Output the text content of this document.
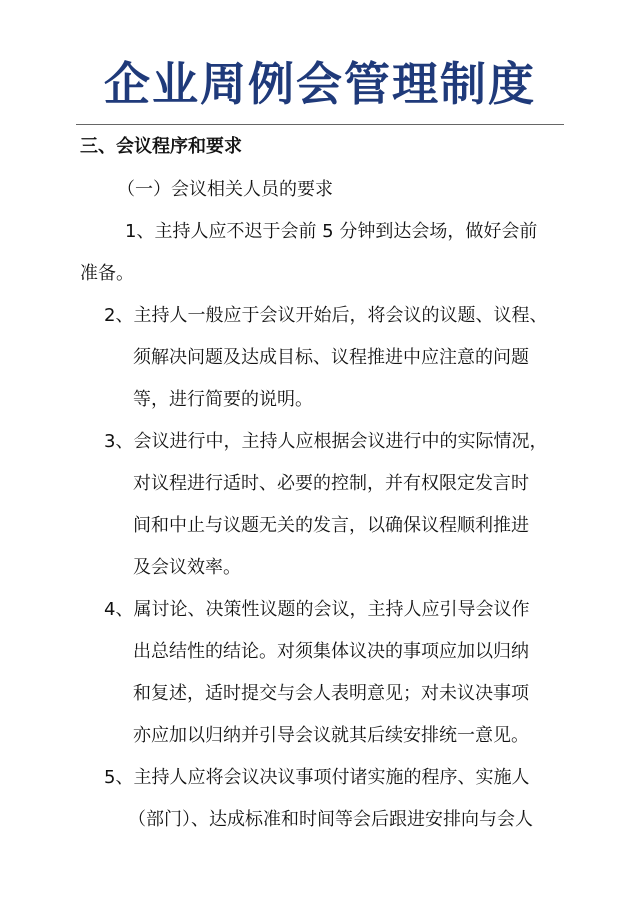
企业周例会管理制度
三、会议程序和要求
（一）会议相关人员的要求
1、主持人应不迟于会前 5 分钟到达会场，做好会前
准备。
2、主持人一般应于会议开始后，将会议的议题、议程、
须解决问题及达成目标、议程推进中应注意的问题
等，进行简要的说明。
3、会议进行中，主持人应根据会议进行中的实际情况，
对议程进行适时、必要的控制，并有权限定发言时
间和中止与议题无关的发言，以确保议程顺利推进
及会议效率。
4、属讨论、决策性议题的会议，主持人应引导会议作
出总结性的结论。对须集体议决的事项应加以归纳
和复述，适时提交与会人表明意见；对未议决事项
亦应加以归纳并引导会议就其后续安排统一意见。
5、主持人应将会议决议事项付诸实施的程序、实施人
（部门）、达成标准和时间等会后跟进安排向与会人
